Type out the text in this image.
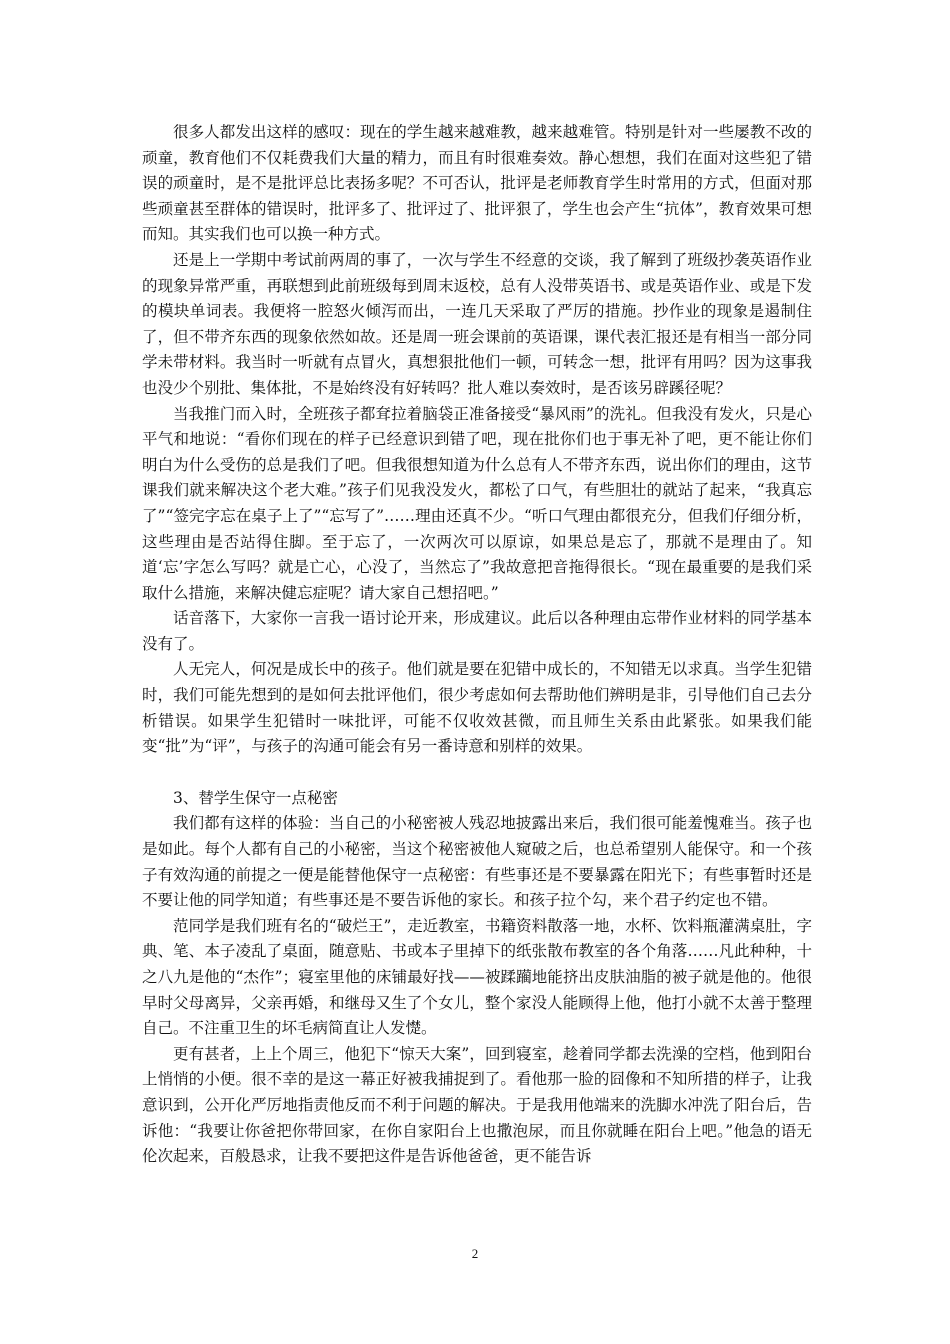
很多人都发出这样的感叹：现在的学生越来越难教，越来越难管。特别是针对一些屡教不改的顽童，教育他们不仅耗费我们大量的精力，而且有时很难奏效。静心想想，我们在面对这些犯了错误的顽童时，是不是批评总比表扬多呢？不可否认，批评是老师教育学生时常用的方式，但面对那些顽童甚至群体的错误时，批评多了、批评过了、批评狠了，学生也会产生“抗体”，教育效果可想而知。其实我们也可以换一种方式。

还是上一学期中考试前两周的事了，一次与学生不经意的交谈，我了解到了班级抄袭英语作业的现象异常严重，再联想到此前班级每到周末返校，总有人没带英语书、或是英语作业、或是下发的模块单词表。我便将一腔怒火倾泻而出，一连几天采取了严厉的措施。抄作业的现象是遏制住了，但不带齐东西的现象依然如故。还是周一班会课前的英语课，课代表汇报还是有相当一部分同学未带材料。我当时一听就有点冒火，真想狠批他们一顿，可转念一想，批评有用吗？因为这事我也没少个别批、集体批，不是始终没有好转吗？批人难以奏效时，是否该另辟蹊径呢？

当我推门而入时，全班孩子都耷拉着脑袋正准备接受“暴风雨”的洗礼。但我没有发火，只是心平气和地说：“看你们现在的样子已经意识到错了吧，现在批你们也于事无补了吧，更不能让你们明白为什么受伤的总是我们了吧。但我很想知道为什么总有人不带齐东西，说出你们的理由，这节课我们就来解决这个老大难。”孩子们见我没发火，都松了口气，有些胆壮的就站了起来，“我真忘了”“签完字忘在桌子上了”“忘写了”……理由还真不少。“听口气理由都很充分，但我们仔细分析，这些理由是否站得住脚。至于忘了，一次两次可以原谅，如果总是忘了，那就不是理由了。知道‘忘’字怎么写吗？就是亡心，心没了，当然忘了”我故意把音拖得很长。“现在最重要的是我们采取什么措施，来解决健忘症呢？请大家自己想招吧。”

话音落下，大家你一言我一语讨论开来，形成建议。此后以各种理由忘带作业材料的同学基本没有了。

人无完人，何况是成长中的孩子。他们就是要在犯错中成长的，不知错无以求真。当学生犯错时，我们可能先想到的是如何去批评他们，很少考虑如何去帮助他们辨明是非，引导他们自己去分析错误。如果学生犯错时一味批评，可能不仅收效甚微，而且师生关系由此紧张。如果我们能变“批”为“评”，与孩子的沟通可能会有另一番诗意和别样的效果。

3、替学生保守一点秘密

我们都有这样的体验：当自己的小秘密被人残忍地披露出来后，我们很可能羞愧难当。孩子也是如此。每个人都有自己的小秘密，当这个秘密被他人窥破之后，也总希望别人能保守。和一个孩子有效沟通的前提之一便是能替他保守一点秘密：有些事还是不要暴露在阳光下；有些事暂时还是不要让他的同学知道；有些事还是不要告诉他的家长。和孩子拉个勾，来个君子约定也不错。

范同学是我们班有名的“破烂王”，走近教室，书籍资料散落一地，水杯、饮料瓶灌满桌肚，字典、笔、本子凌乱了桌面，随意贴、书或本子里掉下的纸张散布教室的各个角落……凡此种种，十之八九是他的“杰作”；寝室里他的床铺最好找——被蹂躏地能挤出皮肤油脂的被子就是他的。他很早时父母离异，父亲再婚，和继母又生了个女儿，整个家没人能顾得上他，他打小就不太善于整理自己。不注重卫生的坏毛病简直让人发憷。

更有甚者，上上个周三，他犯下“惊天大案”，回到寝室，趁着同学都去洗澡的空档，他到阳台上悄悄的小便。很不幸的是这一幕正好被我捕捉到了。看他那一脸的囧像和不知所措的样子，让我意识到，公开化严厉地指责他反而不利于问题的解决。于是我用他端来的洗脚水冲洗了阳台后，告诉他：“我要让你爸把你带回家，在你自家阳台上也撒泡尿，而且你就睡在阳台上吧。”他急的语无伦次起来，百般恳求，让我不要把这件是告诉他爸爸，更不能告诉

2
